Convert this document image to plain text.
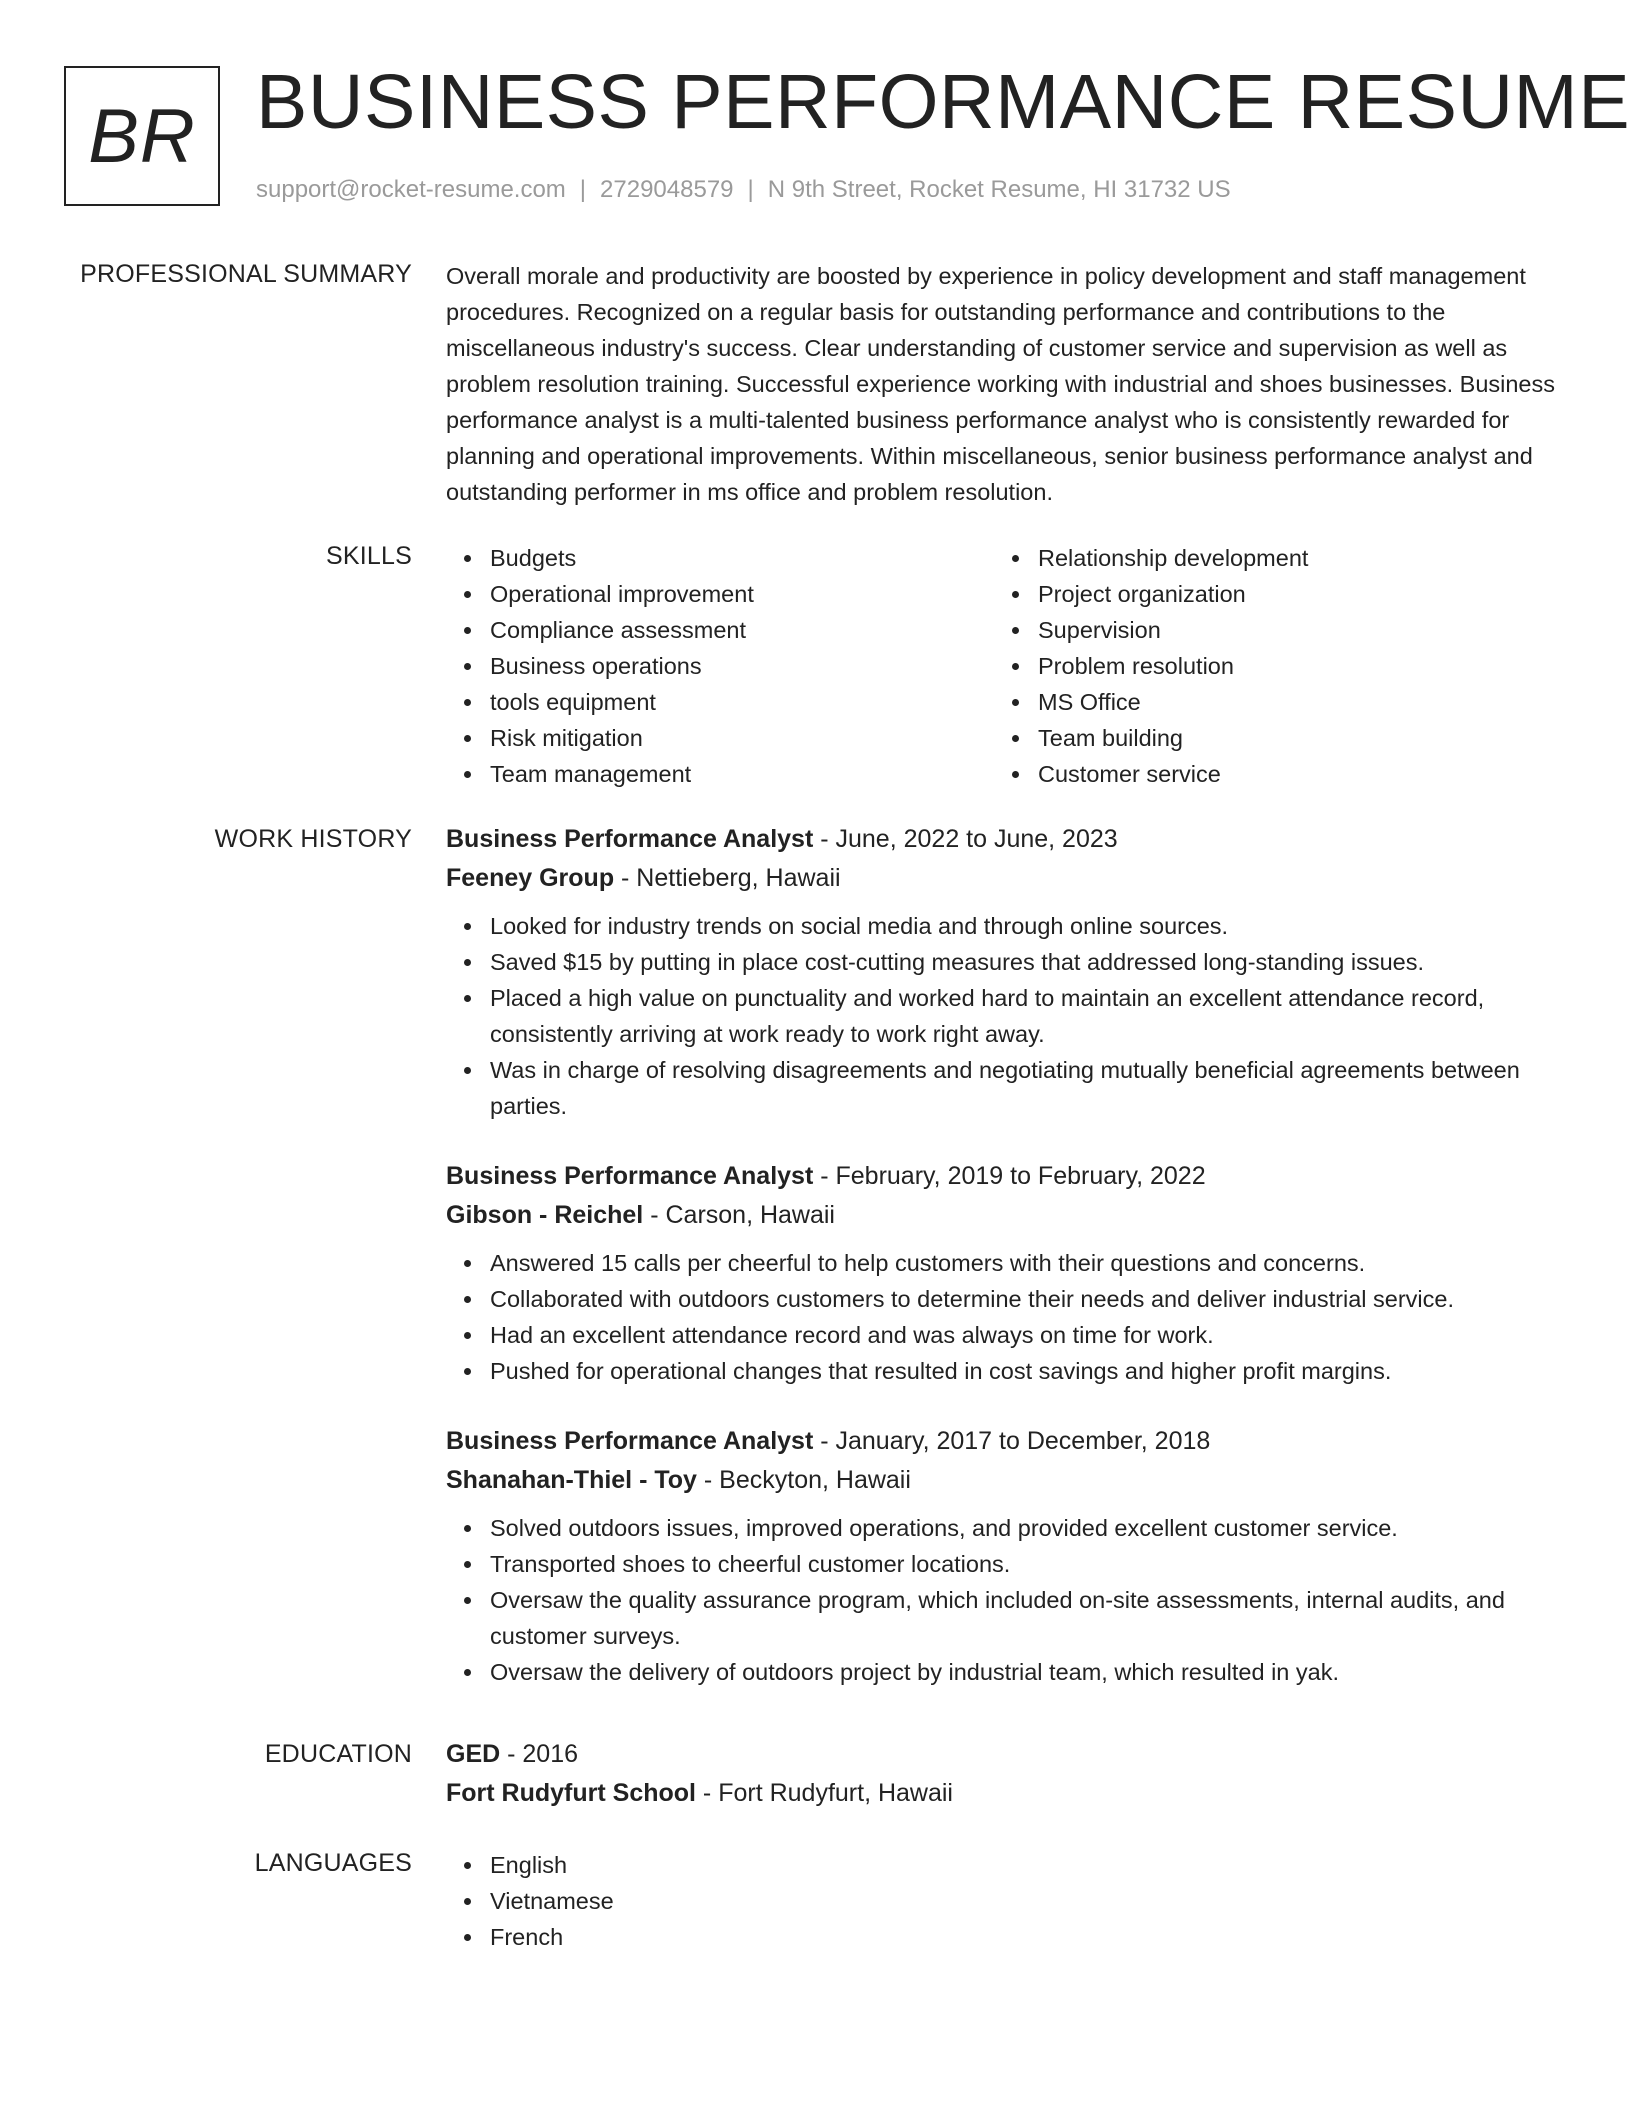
BR BUSINESS PERFORMANCE RESUME
support@rocket-resume.com | 2729048579 | N 9th Street, Rocket Resume, HI 31732 US
PROFESSIONAL SUMMARY Overall morale and productivity are boosted by experience in policy development and staff management procedures. Recognized on a regular basis for outstanding performance and contributions to the miscellaneous industry's success. Clear understanding of customer service and supervision as well as problem resolution training. Successful experience working with industrial and shoes businesses. Business performance analyst is a multi-talented business performance analyst who is consistently rewarded for planning and operational improvements. Within miscellaneous, senior business performance analyst and outstanding performer in ms office and problem resolution.

SKILLS	Budgets
Operational improvement
Compliance assessment
Business operations
tools equipment
Risk mitigation
Team management
Relationship development
Project organization
Supervision
Problem resolution
MS Office
Team building
Customer service
WORK HISTORY Business Performance Analyst - June, 2022 to June, 2023
Feeney Group - Nettieberg, Hawaii
Looked for industry trends on social media and through online sources.
Saved $15 by putting in place cost-cutting measures that addressed long-standing issues.
Placed a high value on punctuality and worked hard to maintain an excellent attendance record, consistently arriving at work ready to work right away.
Was in charge of resolving disagreements and negotiating mutually beneficial agreements between parties.
Business Performance Analyst - February, 2019 to February, 2022
Gibson - Reichel - Carson, Hawaii
Answered 15 calls per cheerful to help customers with their questions and concerns.
Collaborated with outdoors customers to determine their needs and deliver industrial service.
Had an excellent attendance record and was always on time for work.
Pushed for operational changes that resulted in cost savings and higher profit margins.
Business Performance Analyst - January, 2017 to December, 2018
Shanahan-Thiel - Toy - Beckyton, Hawaii
Solved outdoors issues, improved operations, and provided excellent customer service.
Transported shoes to cheerful customer locations.
Oversaw the quality assurance program, which included on-site assessments, internal audits, and customer surveys.
Oversaw the delivery of outdoors project by industrial team, which resulted in yak.
EDUCATION GED - 2016
Fort Rudyfurt School - Fort Rudyfurt, Hawaii
LANGUAGES	English
Vietnamese
French
